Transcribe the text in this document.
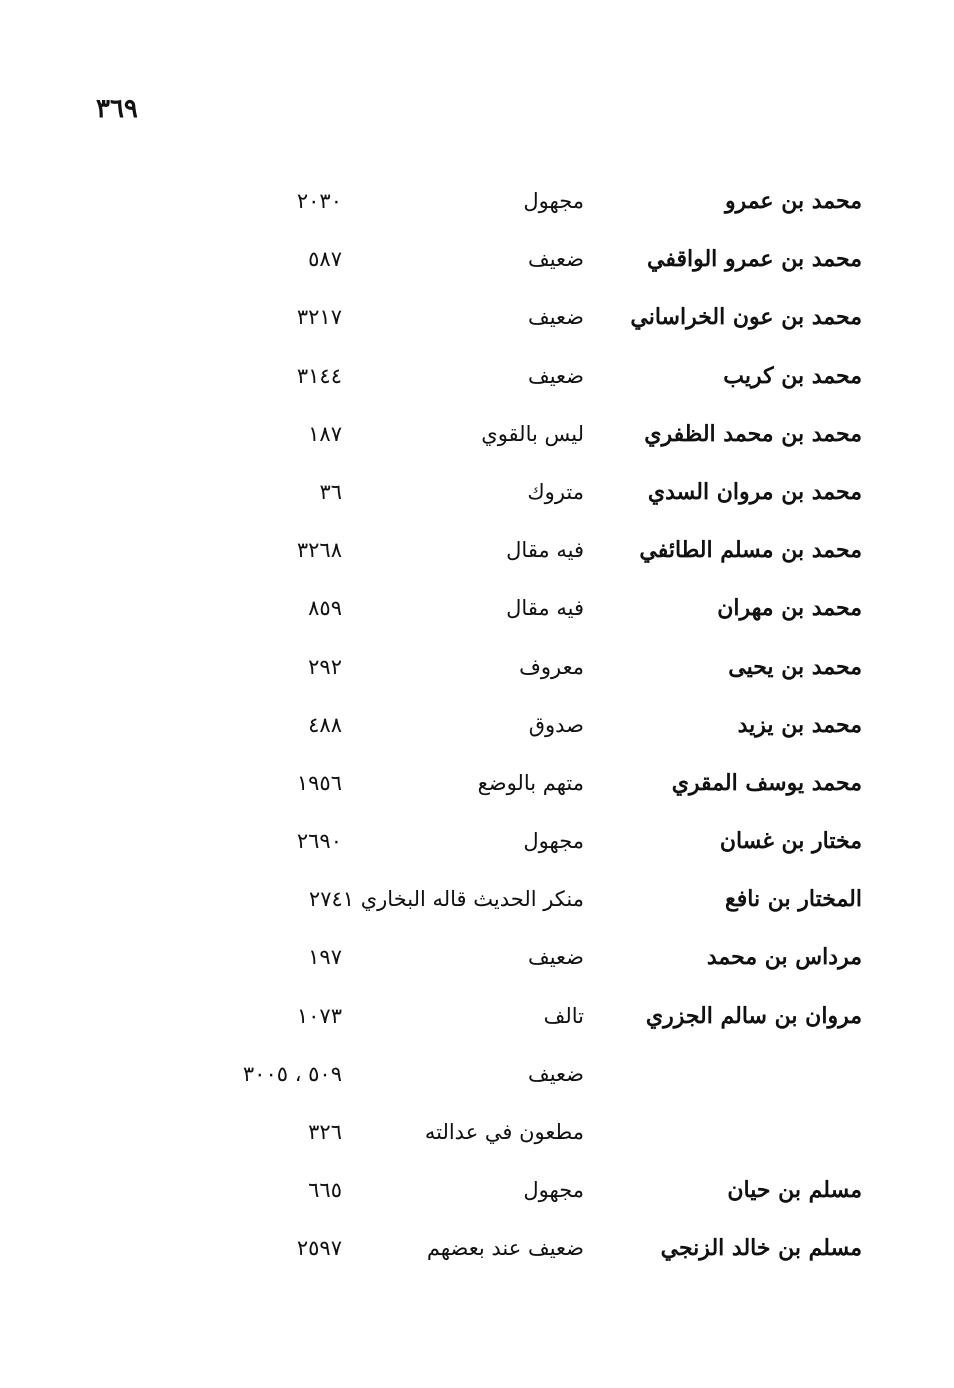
٣٦٩
محمد بن عمرو
مجهول
٢٠٣٠
محمد بن عمرو الواقفي
ضعيف
٥٨٧
محمد بن عون الخراساني
ضعيف
٣٢١٧
محمد بن كريب
ضعيف
٣١٤٤
محمد بن محمد الظفري
ليس بالقوي
١٨٧
محمد بن مروان السدي
متروك
٣٦
محمد بن مسلم الطائفي
فيه مقال
٣٢٦٨
محمد بن مهران
فيه مقال
٨٥٩
محمد بن يحيى
معروف
٢٩٢
محمد بن يزيد
صدوق
٤٨٨
محمد يوسف المقري
متهم بالوضع
١٩٥٦
مختار بن غسان
مجهول
٢٦٩٠
المختار بن نافع
منكر الحديث قاله البخاري ٢٧٤١
مرداس بن محمد
ضعيف
١٩٧
مروان بن سالم الجزري
تالف
١٠٧٣
ضعيف
٥٠٩ ، ٣٠٠٥
مطعون في عدالته
٣٢٦
مسلم بن حيان
مجهول
٦٦٥
مسلم بن خالد الزنجي
ضعيف عند بعضهم
٢٥٩٧
